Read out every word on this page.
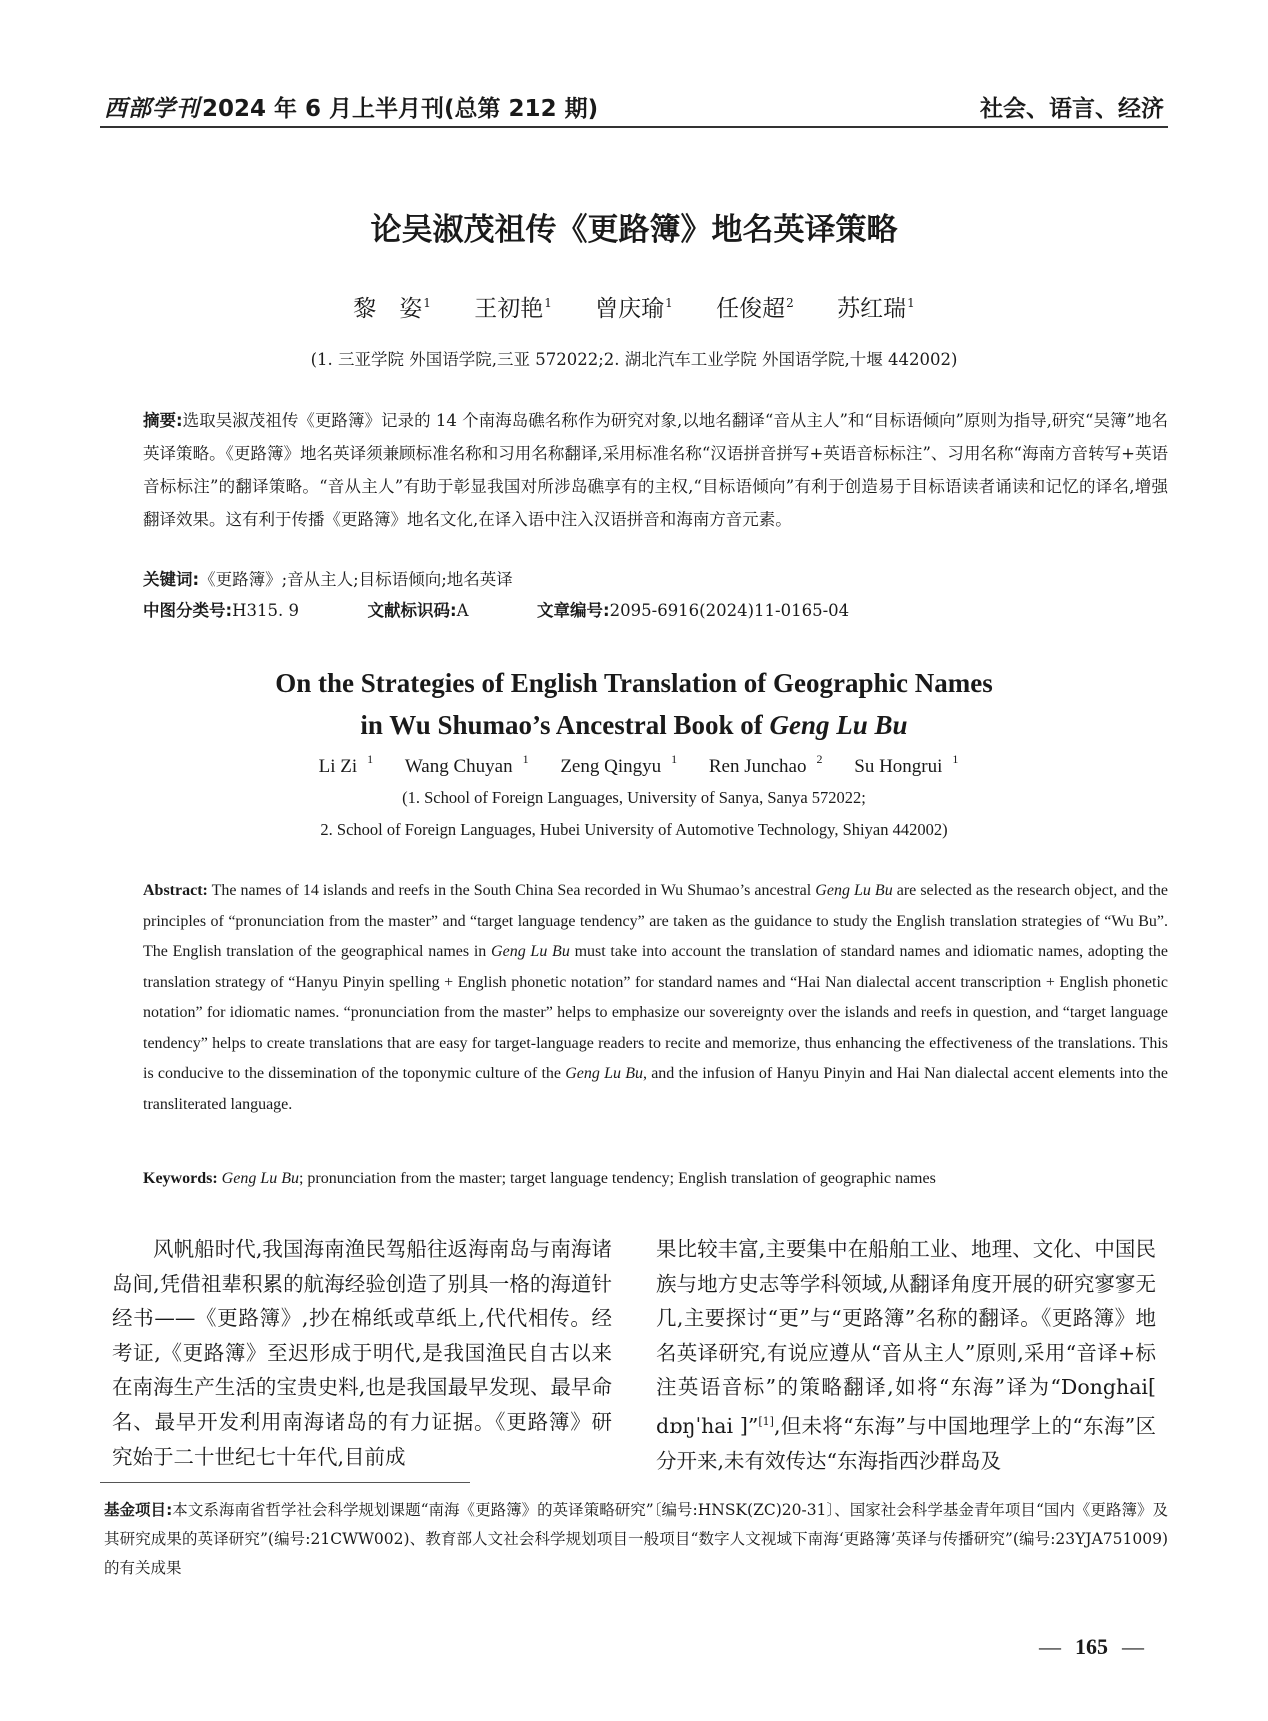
西部学刊2024 年 6 月上半月刊(总第 212 期)	社会、语言、经济
论吴淑茂祖传《更路簿》地名英译策略
黎　姿$^1$ 王初艳$^1$ 曾庆瑜$^1$ 任俊超$^2$ 苏红瑞$^1$
(1. 三亚学院 外国语学院,三亚 572022;2. 湖北汽车工业学院 外国语学院,十堰 442002)
摘要:选取吴淑茂祖传《更路簿》记录的 14 个南海岛礁名称作为研究对象,以地名翻译“音从主人”和“目标语倾向”原则为指导,研究“吴簿”地名英译策略。《更路簿》地名英译须兼顾标准名称和习用名称翻译,采用标准名称“汉语拼音拼写+英语音标标注”、习用名称“海南方音转写+英语音标标注”的翻译策略。“音从主人”有助于彰显我国对所涉岛礁享有的主权,“目标语倾向”有利于创造易于目标语读者诵读和记忆的译名,增强翻译效果。这有利于传播《更路簿》地名文化,在译入语中注入汉语拼音和海南方音元素。
关键词:《更路簿》;音从主人;目标语倾向;地名英译
中图分类号:H315. 9	文献标识码:A	文章编号:2095-6916(2024)11-0165-04
On the Strategies of English Translation of Geographic Names
in Wu Shumao’s Ancestral Book of Geng Lu Bu
Li Zi $^1$ Wang Chuyan $^1$ Zeng Qingyu $^1$ Ren Junchao $^2$ Su Hongrui $^1$
(1. School of Foreign Languages, University of Sanya, Sanya 572022;
2. School of Foreign Languages, Hubei University of Automotive Technology, Shiyan 442002)
Abstract: The names of 14 islands and reefs in the South China Sea recorded in Wu Shumao’s ancestral Geng Lu Bu are selected as the research object, and the principles of “pronunciation from the master” and “target language tendency” are taken as the guidance to study the English translation strategies of “Wu Bu”. The English translation of the geographical names in Geng Lu Bu must take into account the translation of standard names and idiomatic names, adopting the translation strategy of “Hanyu Pinyin spelling + English phonetic notation” for standard names and “Hai Nan dialectal accent transcription + English phonetic notation” for idiomatic names. “pronunciation from the master” helps to emphasize our sovereignty over the islands and reefs in question, and “target language tendency” helps to create translations that are easy for target-language readers to recite and memorize, thus enhancing the effectiveness of the translations. This is conducive to the dissemination of the toponymic culture of the Geng Lu Bu, and the infusion of Hanyu Pinyin and Hai Nan dialectal accent elements into the transliterated language.
Keywords: Geng Lu Bu; pronunciation from the master; target language tendency; English translation of geographic names

风帆船时代,我国海南渔民驾船往返海南岛与南海诸岛间,凭借祖辈积累的航海经验创造了别具一格的海道针经书——《更路簿》,抄在棉纸或草纸上,代代相传。经考证,《更路簿》至迟形成于明代,是我国渔民自古以来在南海生产生活的宝贵史料,也是我国最早发现、最早命名、最早开发利用南海诸岛的有力证据。《更路簿》研究始于二十世纪七十年代,目前成

果比较丰富,主要集中在船舶工业、地理、文化、中国民族与地方史志等学科领域,从翻译角度开展的研究寥寥无几,主要探讨“更”与“更路簿”名称的翻译。《更路簿》地名英译研究,有说应遵从“音从主人”原则,采用“音译+标注英语音标”的策略翻译,如将“东海”译为“Donghai[ dɒŋˈhai ]”[1],但未将“东海”与中国地理学上的“东海”区分开来,未有效传达“东海指西沙群岛及

基金项目:本文系海南省哲学社会科学规划课题“南海《更路簿》的英译策略研究”〔编号:HNSK(ZC)20-31〕、国家社会科学基金青年项目“国内《更路簿》及其研究成果的英译研究”(编号:21CWW002)、教育部人文社会科学规划项目一般项目“数字人文视域下南海‘更路簿’英译与传播研究”(编号:23YJA751009)的有关成果
— 165 —
